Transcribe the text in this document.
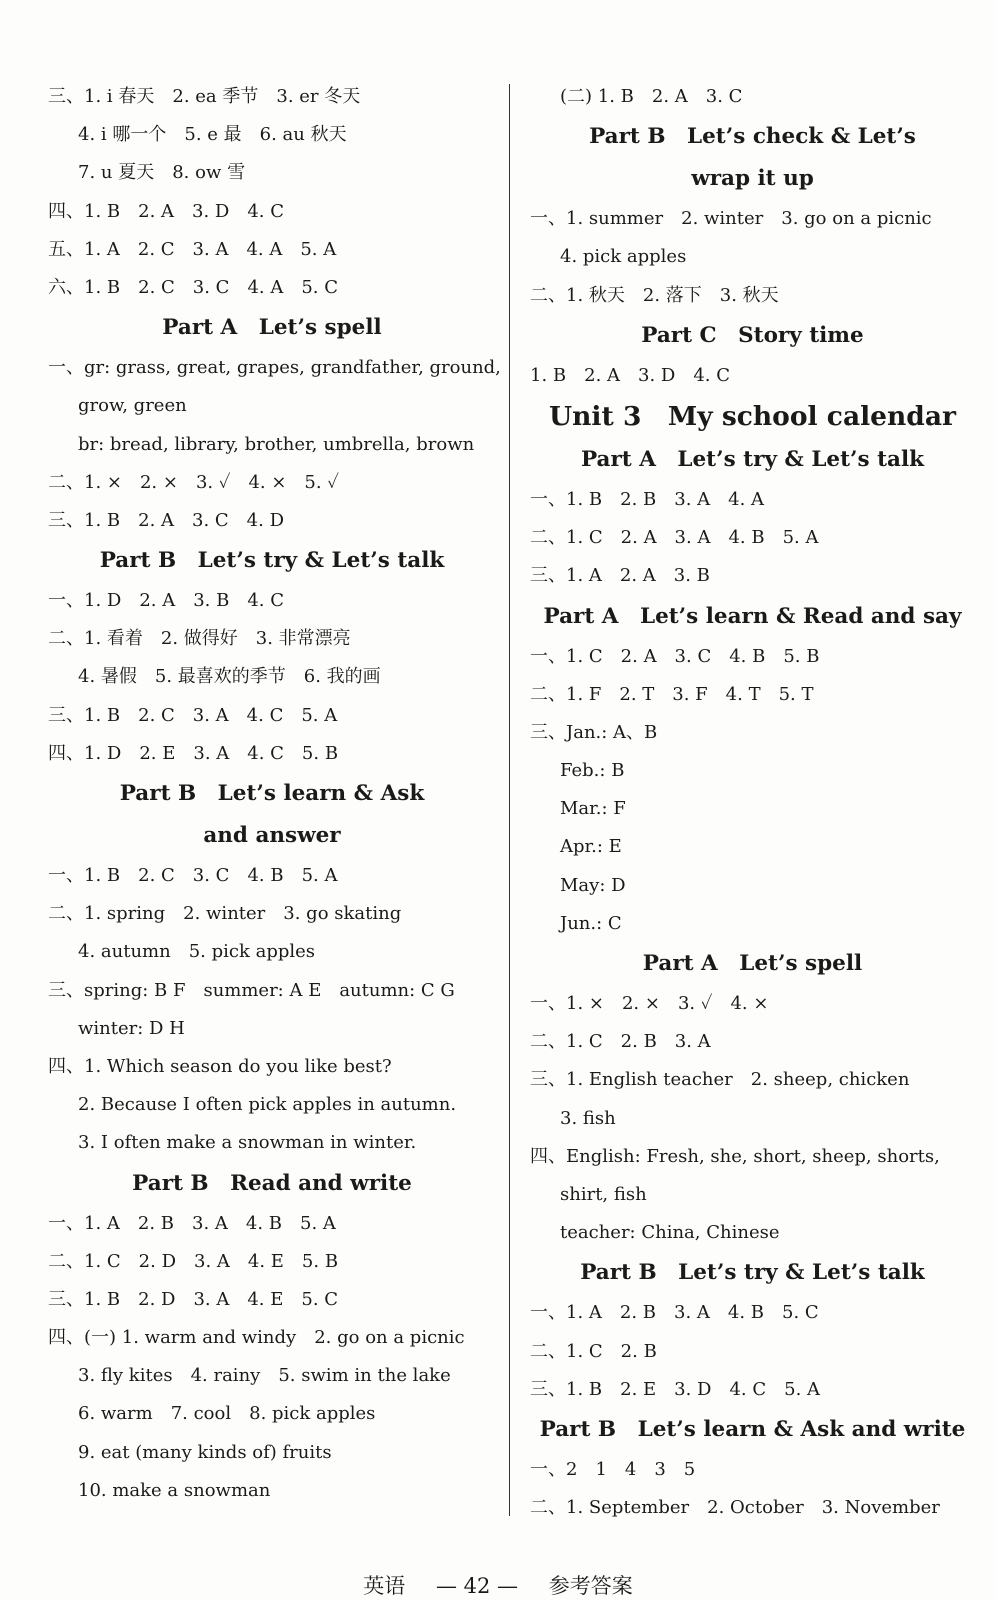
三、1. i 春天　2. ea 季节　3. er 冬天
4. i 哪一个　5. e 最　6. au 秋天
7. u 夏天　8. ow 雪
四、1. B　2. A　3. D　4. C
五、1. A　2. C　3. A　4. A　5. A
六、1. B　2. C　3. C　4. A　5. C
Part A　Let’s spell
一、gr: grass, great, grapes, grandfather, ground,
grow, green
br: bread, library, brother, umbrella, brown
二、1. ×　2. ×　3. ✓　4. ×　5. ✓
三、1. B　2. A　3. C　4. D
Part B　Let’s try & Let’s talk
一、1. D　2. A　3. B　4. C
二、1. 看着　2. 做得好　3. 非常漂亮
4. 暑假　5. 最喜欢的季节　6. 我的画
三、1. B　2. C　3. A　4. C　5. A
四、1. D　2. E　3. A　4. C　5. B
Part B　Let’s learn & Ask
and answer
一、1. B　2. C　3. C　4. B　5. A
二、1. spring　2. winter　3. go skating
4. autumn　5. pick apples
三、spring: B F　summer: A E　autumn: C G
winter: D H
四、1. Which season do you like best?
2. Because I often pick apples in autumn.
3. I often make a snowman in winter.
Part B　Read and write
一、1. A　2. B　3. A　4. B　5. A
二、1. C　2. D　3. A　4. E　5. B
三、1. B　2. D　3. A　4. E　5. C
四、(一) 1. warm and windy　2. go on a picnic
3. fly kites　4. rainy　5. swim in the lake
6. warm　7. cool　8. pick apples
9. eat (many kinds of) fruits
10. make a snowman
(二) 1. B　2. A　3. C
Part B　Let’s check & Let’s
wrap it up
一、1. summer　2. winter　3. go on a picnic
4. pick apples
二、1. 秋天　2. 落下　3. 秋天
Part C　Story time
1. B　2. A　3. D　4. C
Unit 3　My school calendar
Part A　Let’s try & Let’s talk
一、1. B　2. B　3. A　4. A
二、1. C　2. A　3. A　4. B　5. A
三、1. A　2. A　3. B
Part A　Let’s learn & Read and say
一、1. C　2. A　3. C　4. B　5. B
二、1. F　2. T　3. F　4. T　5. T
三、Jan.: A、B
Feb.: B
Mar.: F
Apr.: E
May: D
Jun.: C
Part A　Let’s spell
一、1. ×　2. ×　3. ✓　4. ×
二、1. C　2. B　3. A
三、1. English teacher　2. sheep, chicken
3. fish
四、English: Fresh, she, short, sheep, shorts,
shirt, fish
teacher: China, Chinese
Part B　Let’s try & Let’s talk
一、1. A　2. B　3. A　4. B　5. C
二、1. C　2. B
三、1. B　2. E　3. D　4. C　5. A
Part B　Let’s learn & Ask and write
一、2　1　4　3　5
二、1. September　2. October　3. November
英语 — 42 — 参考答案
